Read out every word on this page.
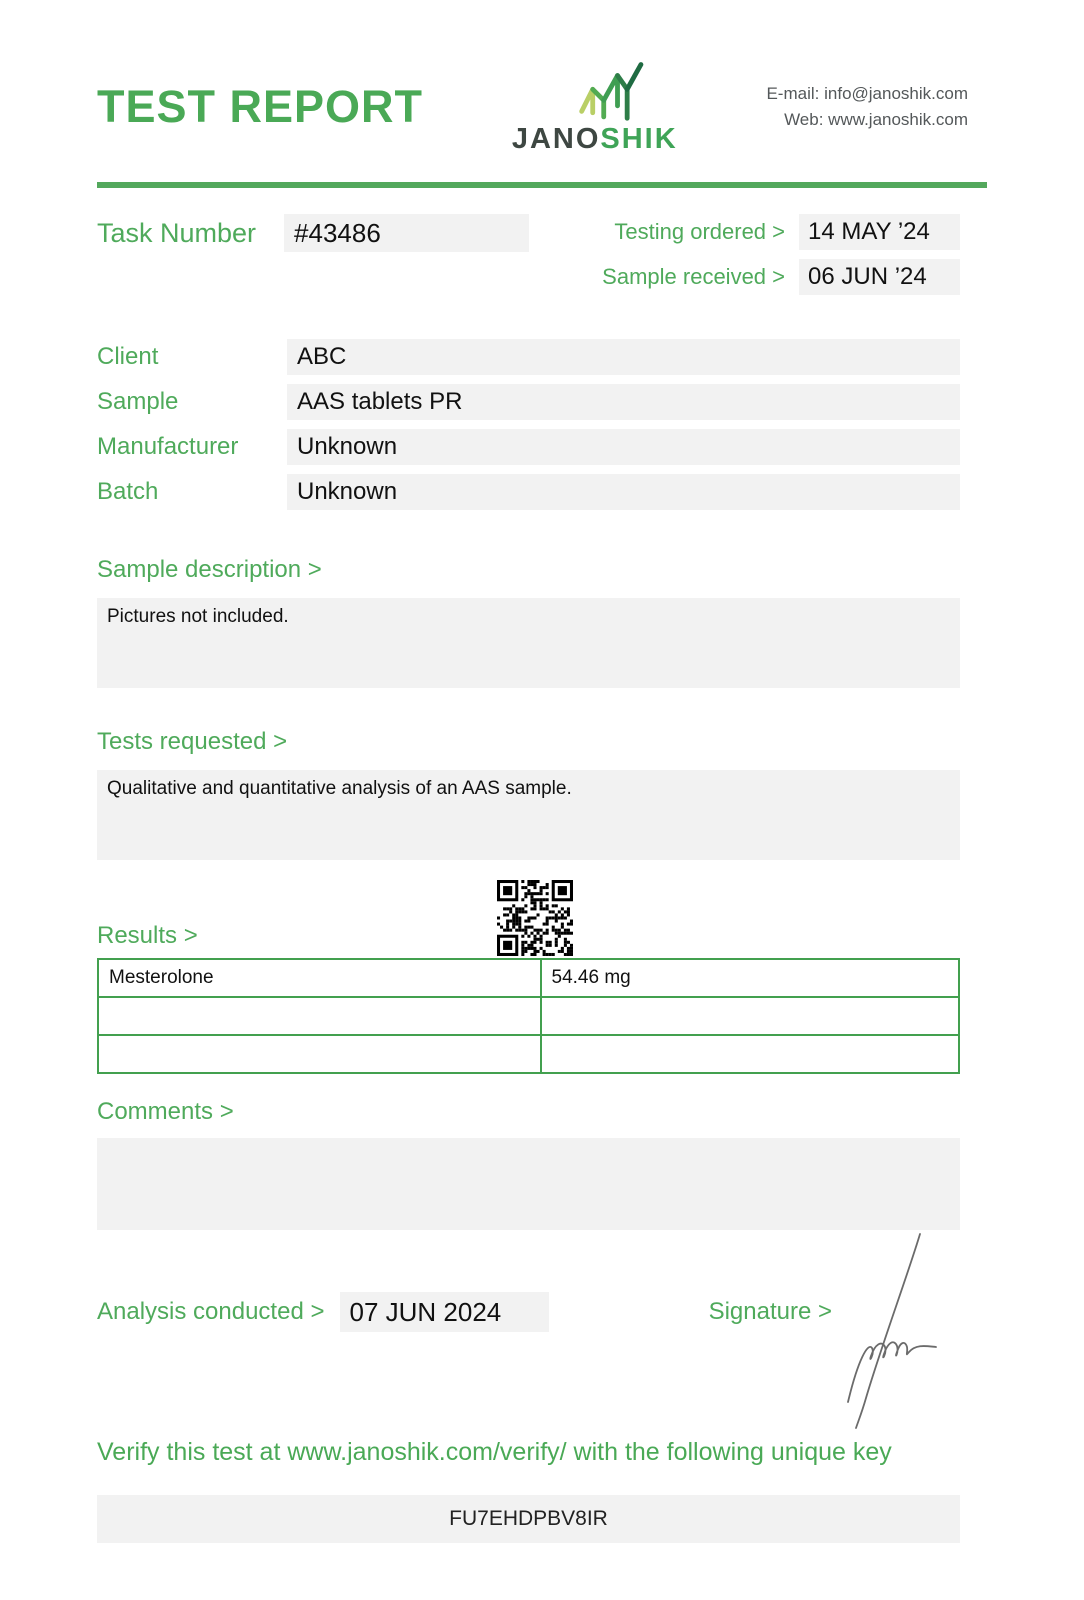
TEST REPORT
JANOSHIK
E-mail: info@janoshik.com
Web: www.janoshik.com
Task Number	#43486	Testing ordered > 14 MAY ’24
Sample received > 06 JUN ’24
Client	ABC
Sample	AAS tablets PR
Manufacturer	Unknown
Batch	Unknown
Sample description >
Pictures not included.
Tests requested >
Qualitative and quantitative analysis of an AAS sample.
Results >
Mesterolone	54.46 mg

Comments >
Analysis conducted > 07 JUN 2024	Signature >
Verify this test at www.janoshik.com/verify/ with the following unique key
FU7EHDPBV8IR
